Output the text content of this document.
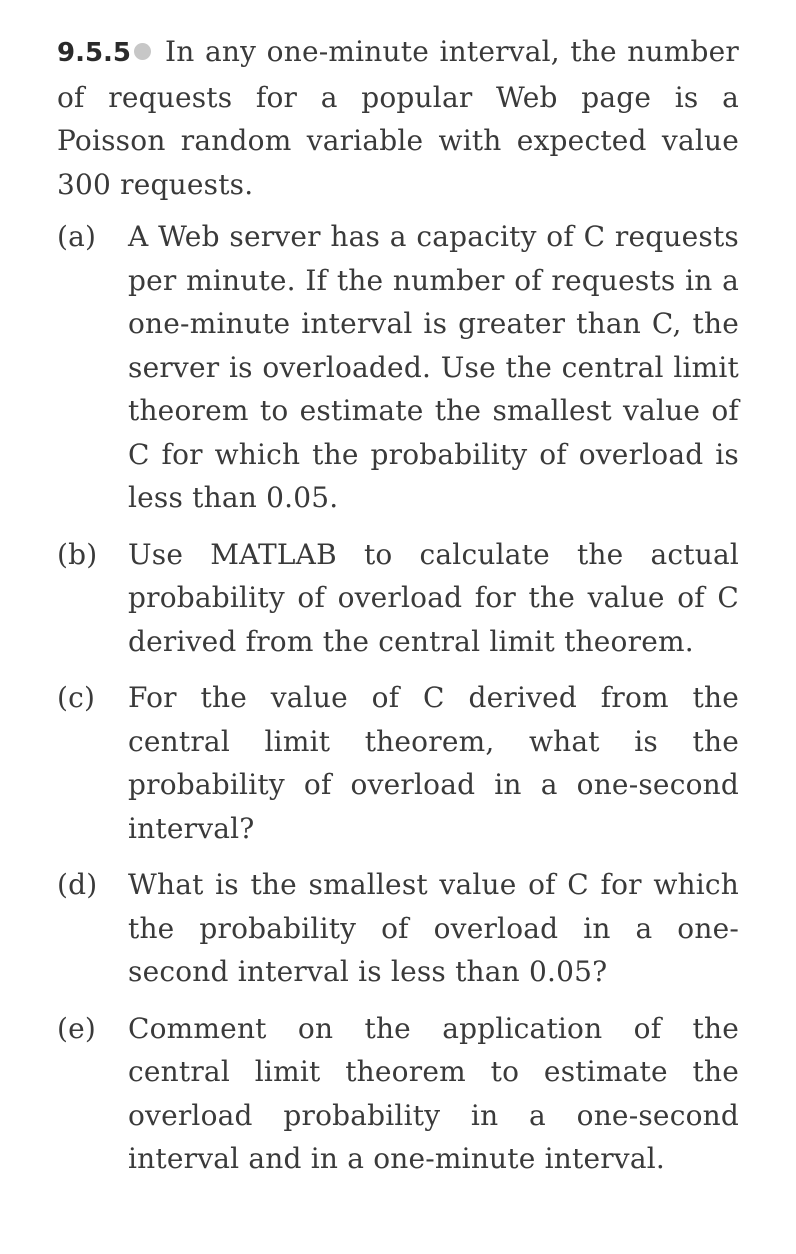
9.5.5 In any one-minute interval, the number of requests for a popular Web page is a Poisson random variable with expected value 300 requests.

(a) A Web server has a capacity of C requests per minute. If the number of requests in a one-minute interval is greater than C, the server is overloaded. Use the central limit theorem to estimate the smallest value of C for which the probability of overload is less than 0.05.
(b) Use MATLAB to calculate the actual probability of overload for the value of C derived from the central limit theorem.
(c) For the value of C derived from the central limit theorem, what is the probability of overload in a one-second interval?
(d) What is the smallest value of C for which the probability of overload in a one-second interval is less than 0.05?
(e) Comment on the application of the central limit theorem to estimate the overload probability in a one-second interval and in a one-minute interval.
